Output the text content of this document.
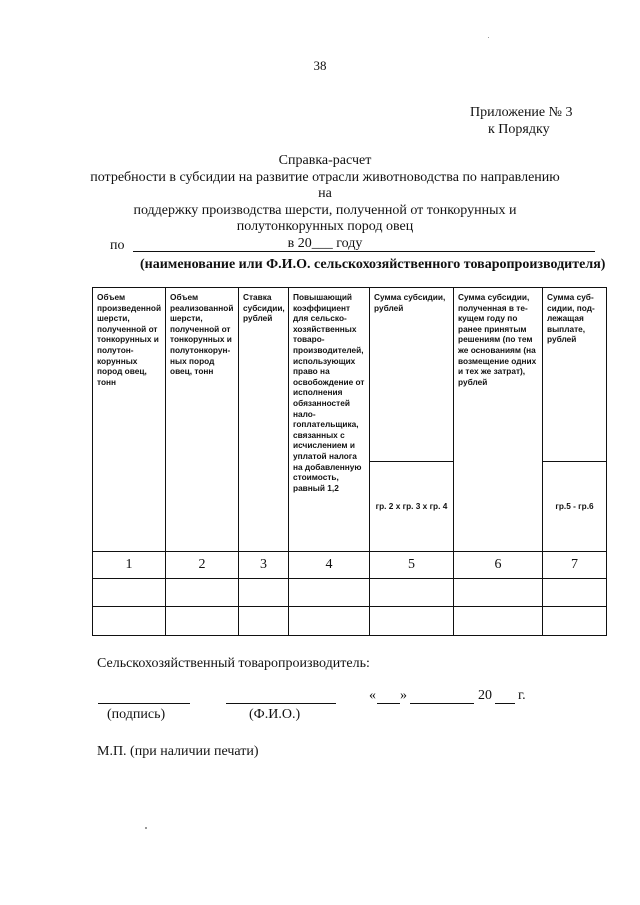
38
Приложение № 3
к Порядку
Справка-расчет
потребности в субсидии на развитие отрасли животноводства по направлению на
поддержку производства шерсти, полученной от тонкорунных и
полутонкорунных пород овец
в 20___ году
по
(наименование или Ф.И.О. сельскохозяйственного товаропроизводителя)
Объем произведенной шерсти, полученной от тонкорунных и полутонкорунных пород овец, тонн	Объем реализованной шерсти, полученной от тонкорунных и полутонкорунных пород овец, тонн	Ставка субсидии, рублей	Повышающий коэффициент для сельскохозяйственных товаропроизводителей, использующих право на освобождение от исполнения обязанностей налогоплательщика, связанных с исчислением и уплатой налога на добавленную стоимость, равный 1,2	Сумма субсидии, рублей	Сумма субсидии, полученная в текущем году по ранее принятым решениям (по тем же основаниям (на возмещение одних и тех же затрат), рублей	Сумма субсидии, подлежащая выплате, рублей

				гр. 2 х гр. 3 х гр. 4		гр.5 - гр.6
1	2	3	4	5	6	7

Сельскохозяйственный товаропроизводитель:
(подпись)	(Ф.И.О.)
« »	20 г.
М.П. (при наличии печати)
